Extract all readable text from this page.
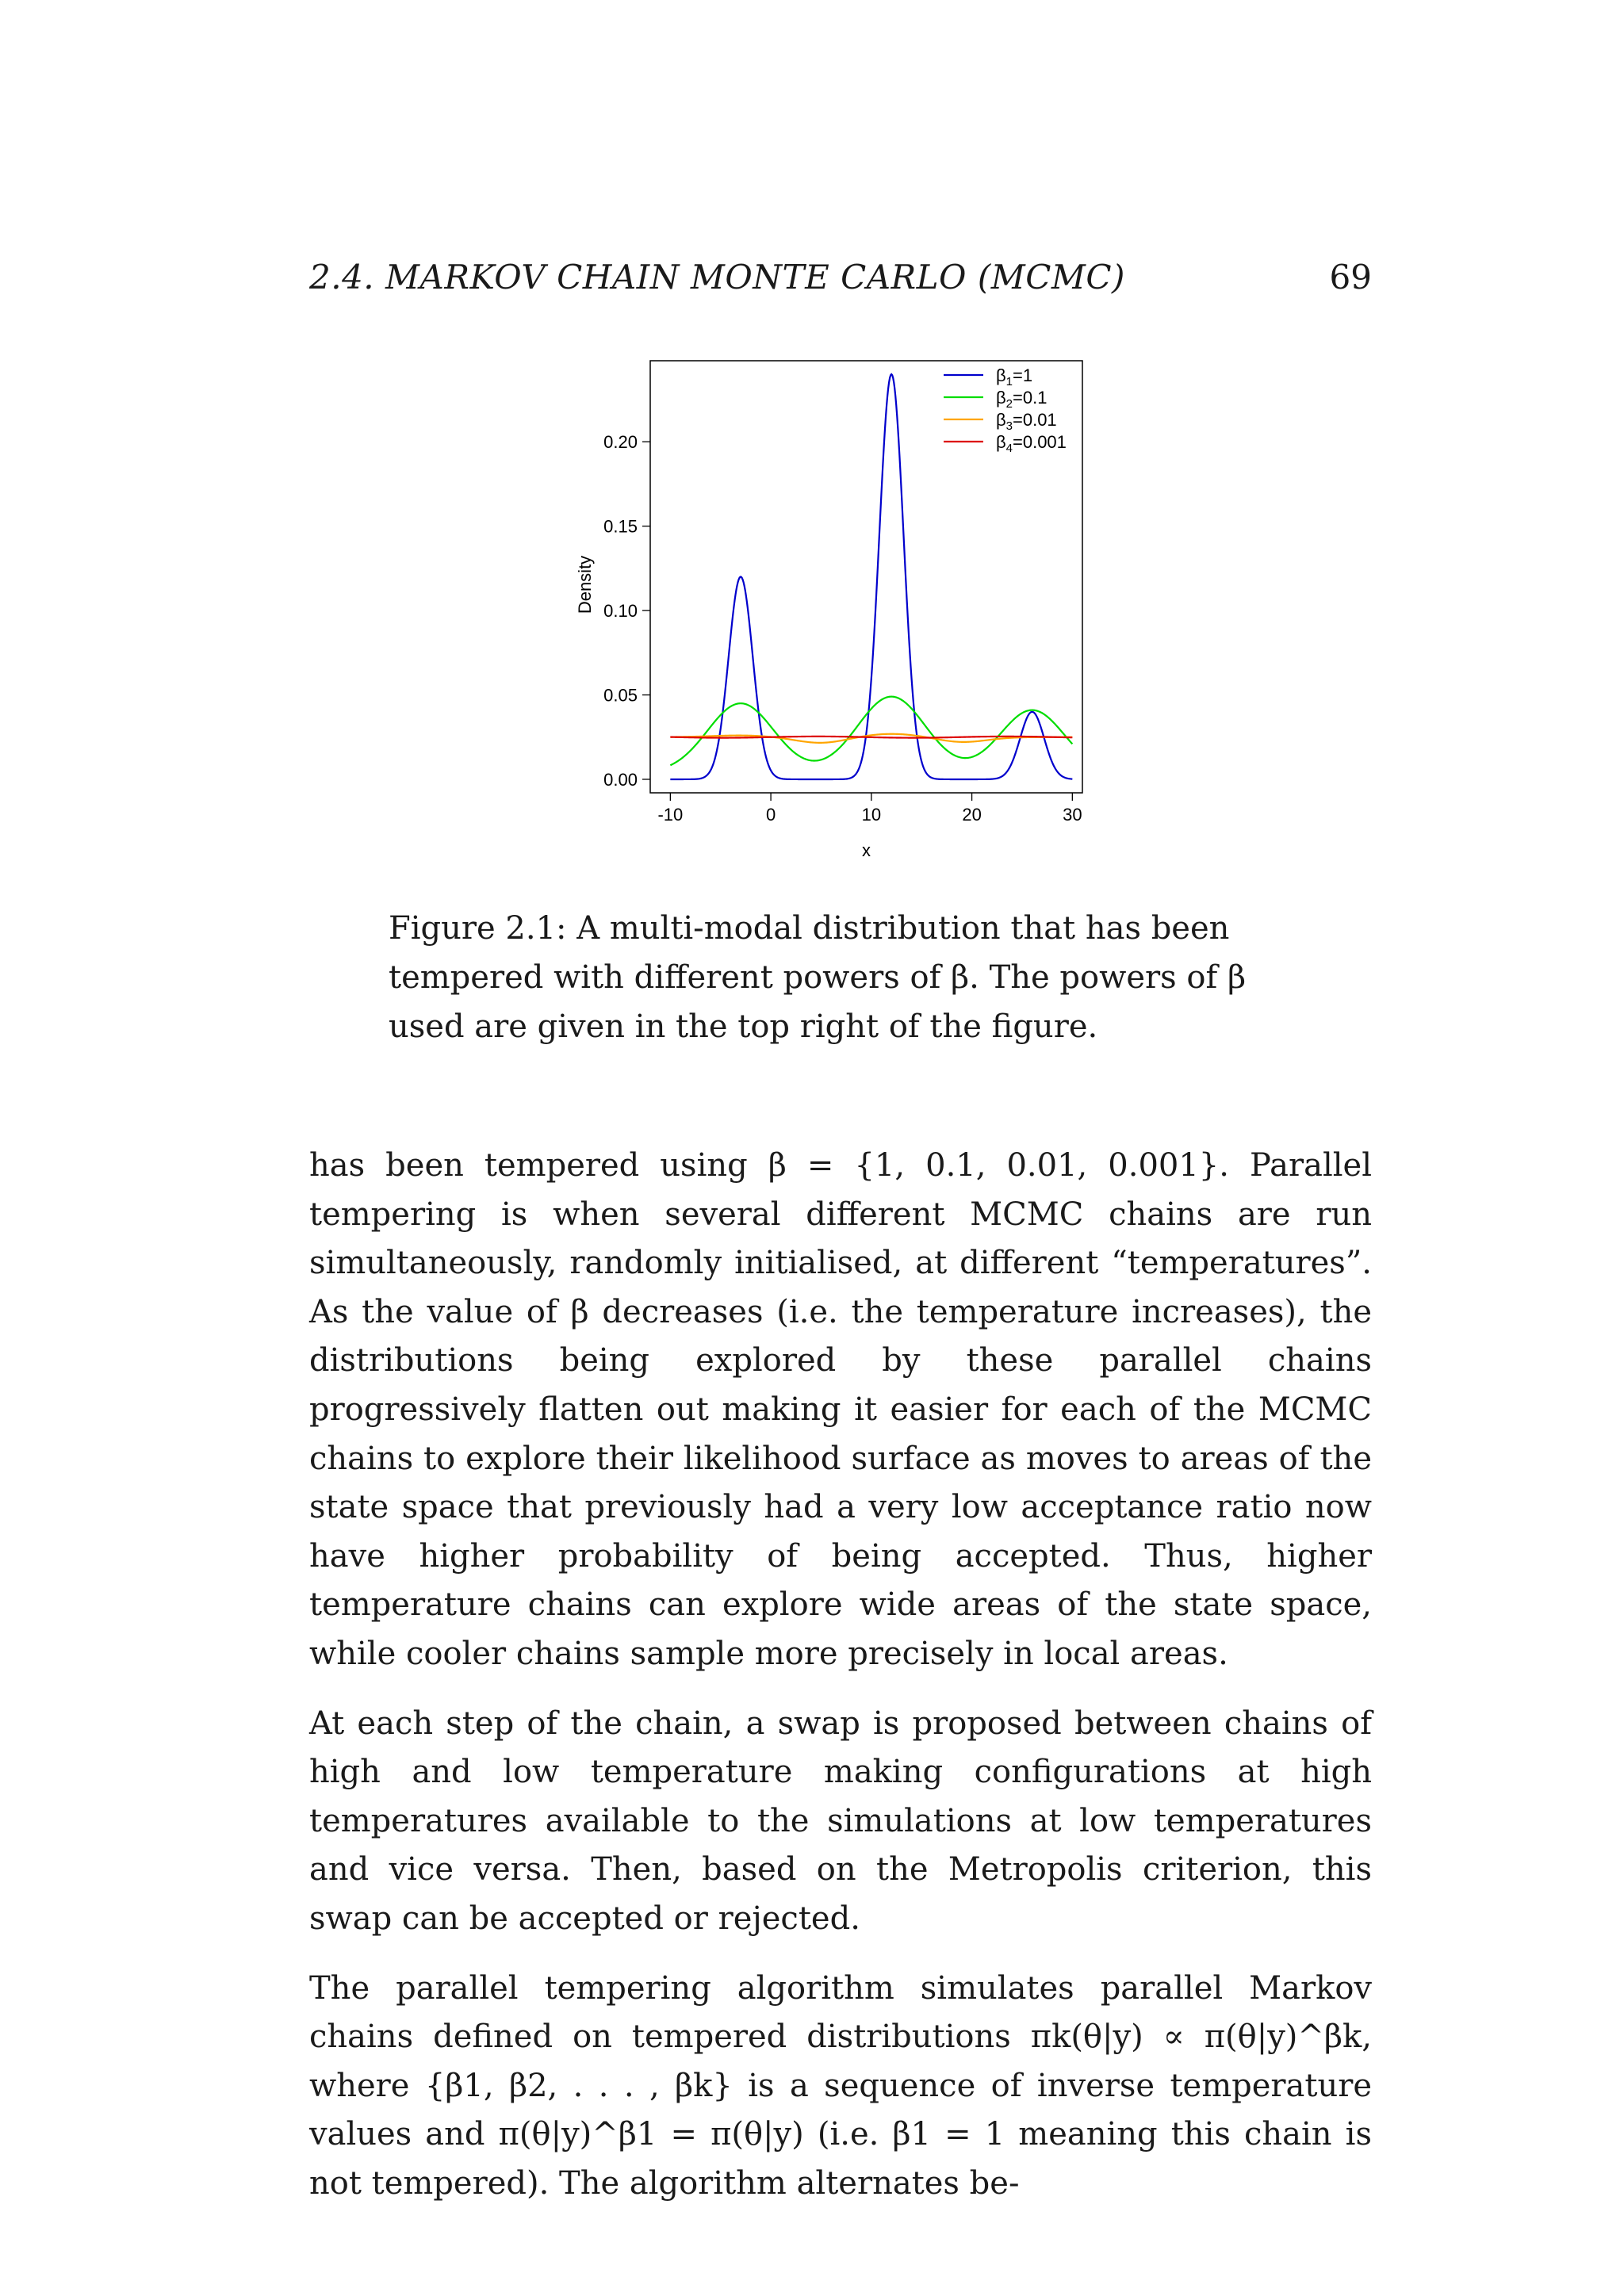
2.4. MARKOV CHAIN MONTE CARLO (MCMC)	69
-10	0	10	20	30
0.00
0.05
0.10
0.15
0.20
x
Density
$\beta_1=1$
$\beta_2=0.1$
$\beta_3=0.01$
$\beta_4=0.001$
Figure 2.1: A multi-modal distribution that has been tempered with different powers of β. The powers of β used are given in the top right of the figure.

has been tempered using β = {1, 0.1, 0.01, 0.001}. Parallel tempering is when several different MCMC chains are run simultaneously, randomly initialised, at different “temperatures”. As the value of β decreases (i.e. the temperature increases), the distributions being explored by these parallel chains progressively flatten out making it easier for each of the MCMC chains to explore their likelihood surface as moves to areas of the state space that previously had a very low acceptance ratio now have higher probability of being accepted. Thus, higher temperature chains can explore wide areas of the state space, while cooler chains sample more precisely in local areas.

At each step of the chain, a swap is proposed between chains of high and low temperature making configurations at high temperatures available to the simulations at low temperatures and vice versa. Then, based on the Metropolis criterion, this swap can be accepted or rejected.

The parallel tempering algorithm simulates parallel Markov chains defined on tempered distributions πk(θ|y) ∝ π(θ|y)^βk, where {β1, β2, . . . , βk} is a sequence of inverse temperature values and π(θ|y)^β1 = π(θ|y) (i.e. β1 = 1 meaning this chain is not tempered). The algorithm alternates be-
